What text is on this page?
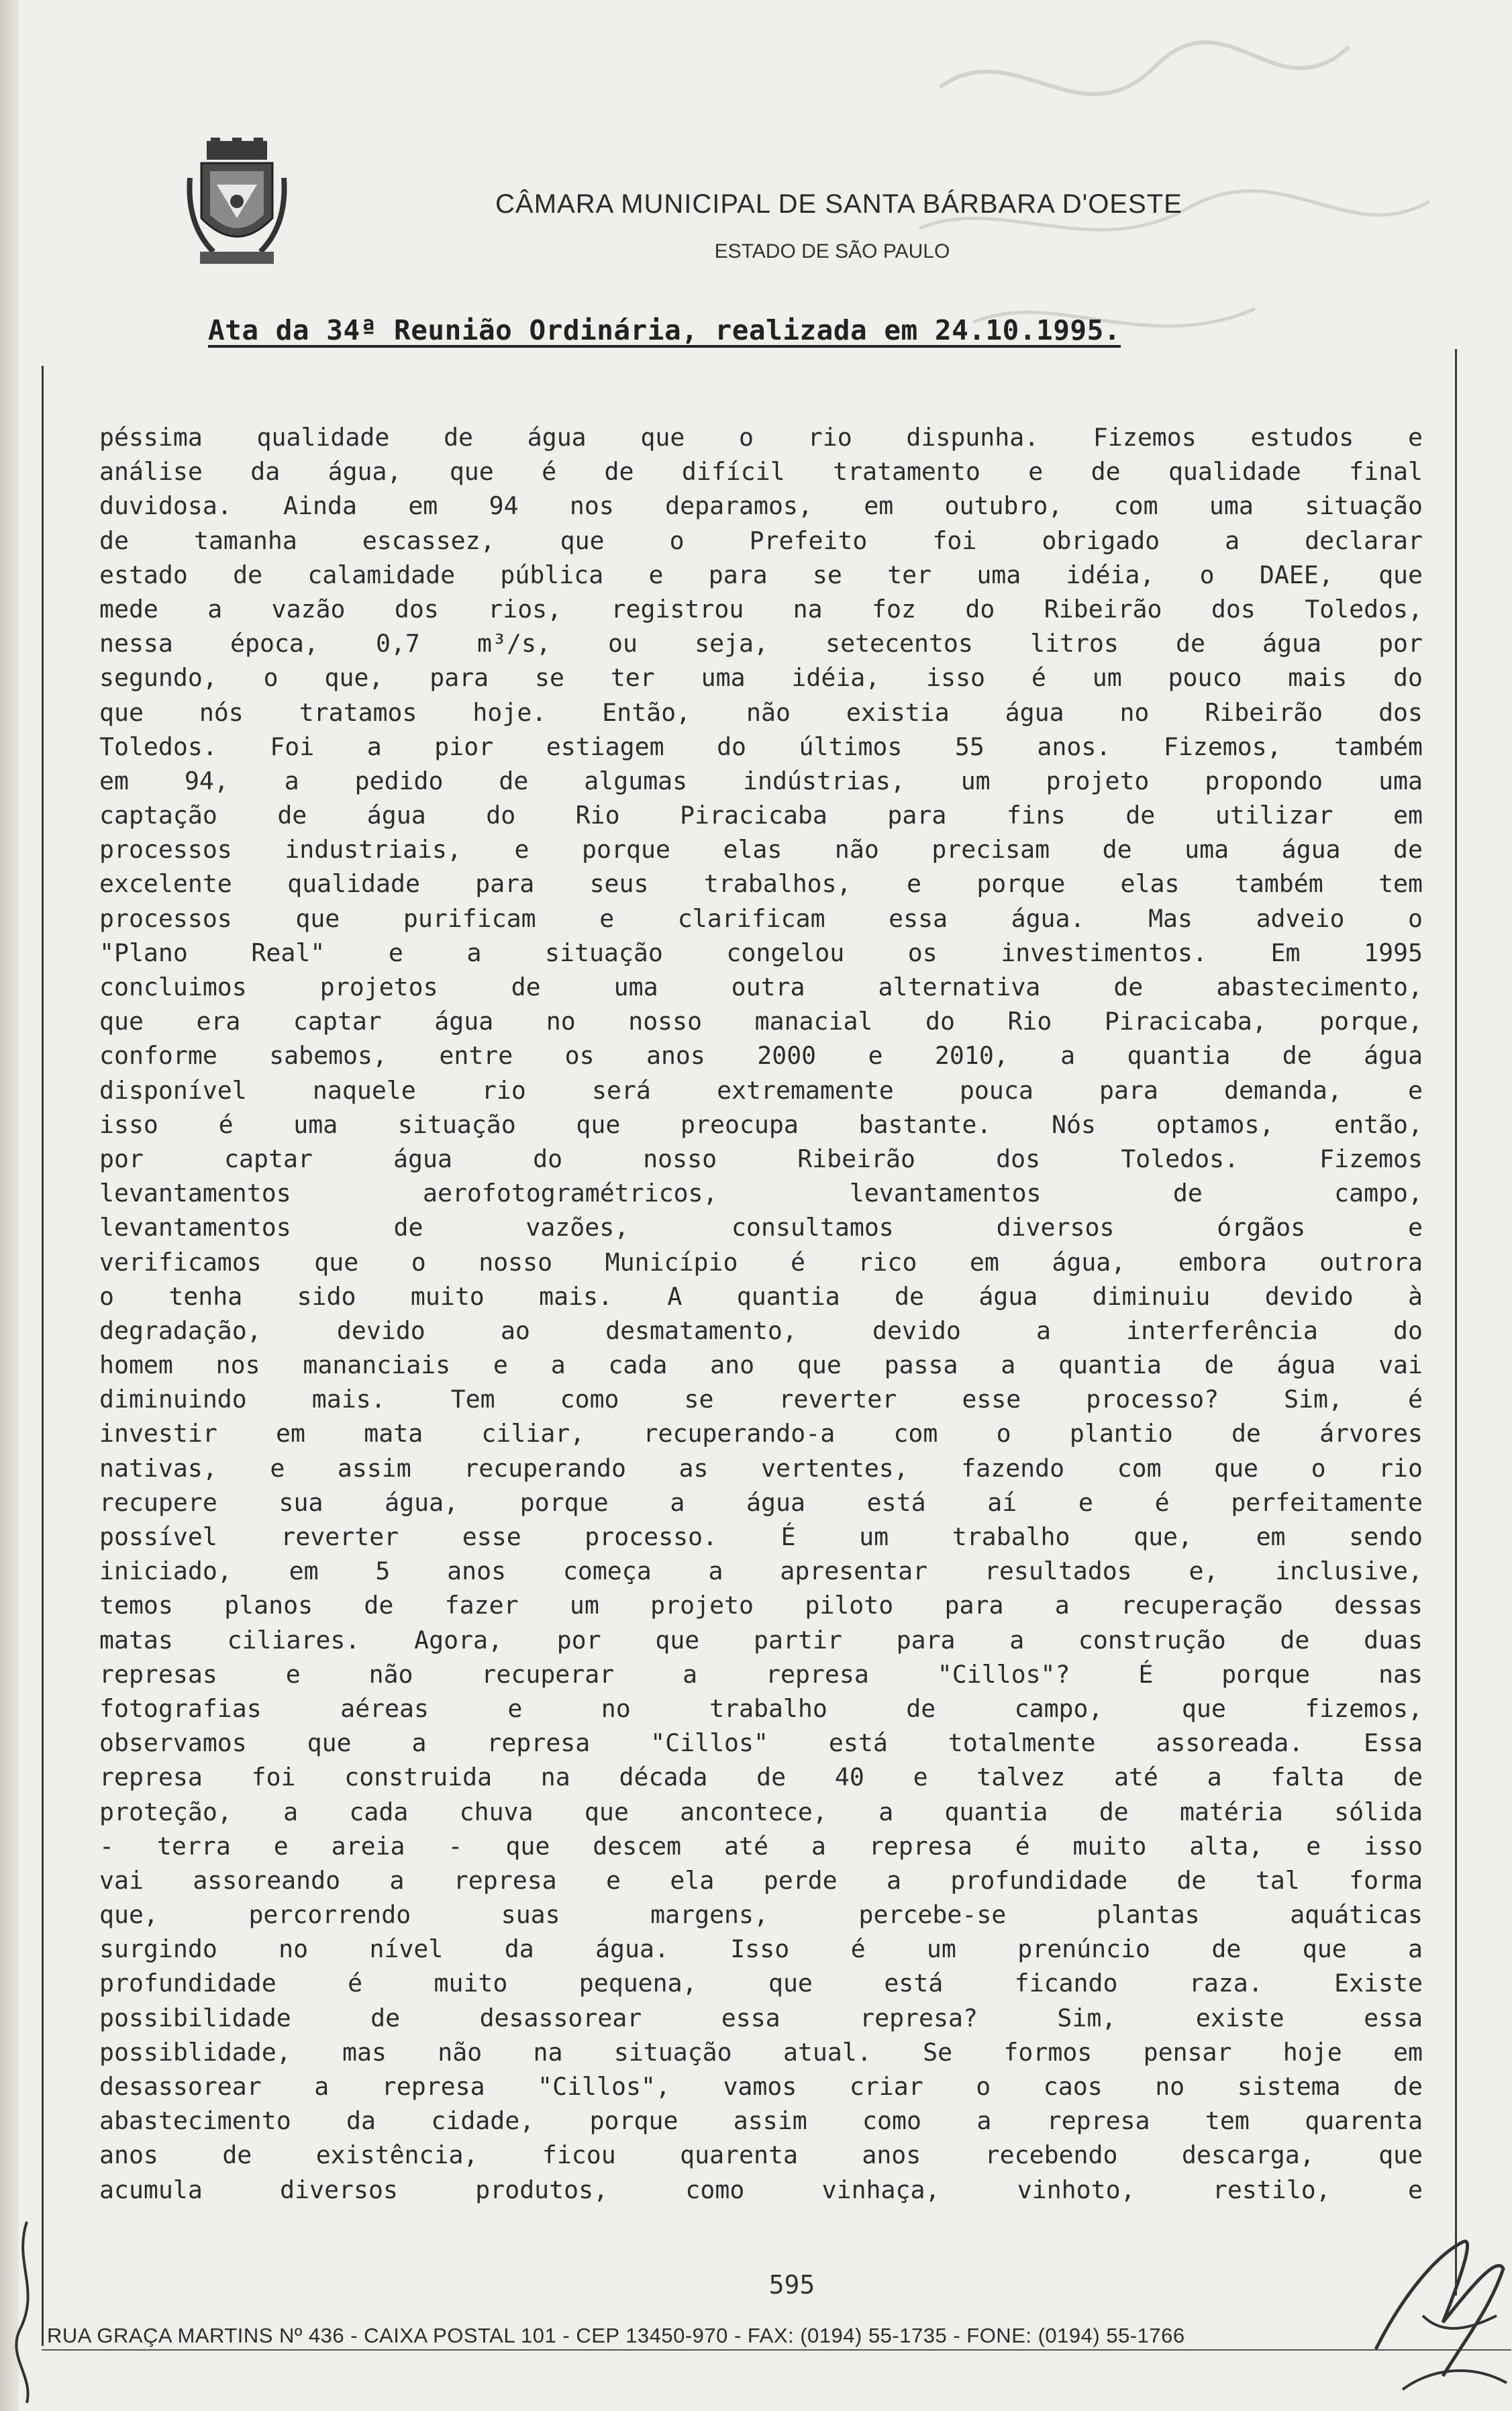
CÂMARA MUNICIPAL DE SANTA BÁRBARA D'OESTE
ESTADO DE SÃO PAULO
Ata da 34ª Reunião Ordinária, realizada em 24.10.1995.
péssima qualidade de água que o rio dispunha. Fizemos estudos e
análise da água, que é de difícil tratamento e de qualidade final
duvidosa. Ainda em 94 nos deparamos, em outubro, com uma situação
de tamanha escassez, que o Prefeito foi obrigado a declarar
estado de calamidade pública e para se ter uma idéia, o DAEE, que
mede a vazão dos rios, registrou na foz do Ribeirão dos Toledos,
nessa época, 0,7 m³/s, ou seja, setecentos litros de água por
segundo, o que, para se ter uma idéia, isso é um pouco mais do
que nós tratamos hoje. Então, não existia água no Ribeirão dos
Toledos. Foi a pior estiagem do últimos 55 anos. Fizemos, também
em 94, a pedido de algumas indústrias, um projeto propondo uma
captação de água do Rio Piracicaba para fins de utilizar em
processos industriais, e porque elas não precisam de uma água de
excelente qualidade para seus trabalhos, e porque elas também tem
processos que purificam e clarificam essa água. Mas adveio o
"Plano Real" e a situação congelou os investimentos. Em 1995
concluimos projetos de uma outra alternativa de abastecimento,
que era captar água no nosso manacial do Rio Piracicaba, porque,
conforme sabemos, entre os anos 2000 e 2010, a quantia de água
disponível naquele rio será extremamente pouca para demanda, e
isso é uma situação que preocupa bastante. Nós optamos, então,
por captar água do nosso Ribeirão dos Toledos. Fizemos
levantamentos aerofotogramétricos, levantamentos de campo,
levantamentos de vazões, consultamos diversos órgãos e
verificamos que o nosso Município é rico em água, embora outrora
o tenha sido muito mais. A quantia de água diminuiu devido à
degradação, devido ao desmatamento, devido a interferência do
homem nos mananciais e a cada ano que passa a quantia de água vai
diminuindo mais. Tem como se reverter esse processo? Sim, é
investir em mata ciliar, recuperando-a com o plantio de árvores
nativas, e assim recuperando as vertentes, fazendo com que o rio
recupere sua água, porque a água está aí e é perfeitamente
possível reverter esse processo. É um trabalho que, em sendo
iniciado, em 5 anos começa a apresentar resultados e, inclusive,
temos planos de fazer um projeto piloto para a recuperação dessas
matas ciliares. Agora, por que partir para a construção de duas
represas e não recuperar a represa "Cillos"? É porque nas
fotografias aéreas e no trabalho de campo, que fizemos,
observamos que a represa "Cillos" está totalmente assoreada. Essa
represa foi construida na década de 40 e talvez até a falta de
proteção, a cada chuva que ancontece, a quantia de matéria sólida
- terra e areia - que descem até a represa é muito alta, e isso
vai assoreando a represa e ela perde a profundidade de tal forma
que, percorrendo suas margens, percebe-se plantas aquáticas
surgindo no nível da água. Isso é um prenúncio de que a
profundidade é muito pequena, que está ficando raza. Existe
possibilidade de desassorear essa represa? Sim, existe essa
possiblidade, mas não na situação atual. Se formos pensar hoje em
desassorear a represa "Cillos", vamos criar o caos no sistema de
abastecimento da cidade, porque assim como a represa tem quarenta
anos de existência, ficou quarenta anos recebendo descarga, que
acumula diversos produtos, como vinhaça, vinhoto, restilo, e
595
RUA GRAÇA MARTINS Nº 436 - CAIXA POSTAL 101 - CEP 13450-970 - FAX: (0194) 55-1735 - FONE: (0194) 55-1766
